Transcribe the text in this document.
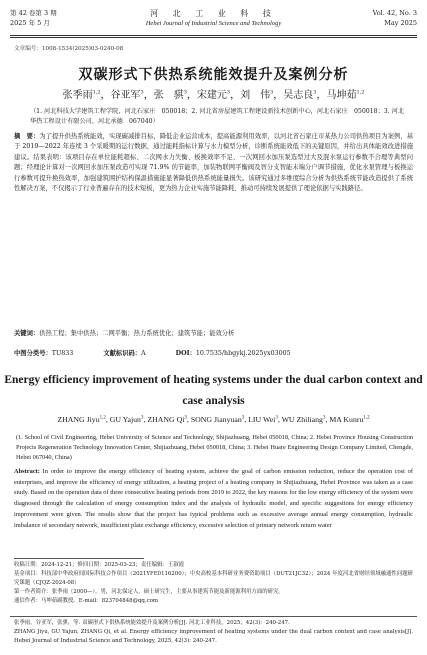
第 42 卷第 3 期
2025 年 5 月
河 北 工 业 科 技
Hebei Journal of Industrial Science and Technology
Vol. 42, No. 3
May 2025
文章编号：1008-1534(2025)03-0240-08
双碳形式下供热系统能效提升及案例分析
张季雨$^{1,2}$，谷亚军$^3$，张　骐$^3$，宋建元$^3$，刘　伟$^3$，吴志良$^3$，马坤茹$^{1,2}$
（1. 河北科技大学建筑工程学院，河北石家庄　050018；2. 河北省房屋建筑工程建设新技术创新中心，河北石家庄　050018；3. 河北华热工程设计有限公司，河北承德　067040）
摘　要：为了提升供热系统能效，实现碳减排目标，降低企业运营成本，提高能源利用效率，以河北省石家庄市某热力公司供热项目为案例，基于 2019—2022 年连续 3 个采暖期的运行数据，通过能耗指标计算与水力模型分析，诊断系统能效低下的关键原因，并给出具体能效改进措施建议。结果表明：该项目存在单位能耗超标、二次网水力失衡、板换效率不足、一次网回水加压泵选型过大及混水泵运行参数不合理等典型问题；经理论计算对一次网回水加压泵改造可实现 71.9% 的节能率，加装物联网平衡阀及智分支智能末端分户调节措施，优化水泵管理与板换运行参数可提升换热效率，加强建筑围护结构保温措施能显著降低供热系统能量损失。该研究通过多维度综合分析为供热系统节能改造提供了系统性解决方案，不仅揭示了行业普遍存在的技术短板，更为热力企业实施节能降耗、推动可持续发展提供了理论依据与实践路径。
关键词：供热工程；集中供热；二网平衡；热力系统优化；建筑节能；能效分析
中图分类号：TU833	文献标识码：A	DOI：10.7535/hbgykj.2025yx03005
Energy efficiency improvement of heating systems under the dual carbon context and case analysis
ZHANG Jiyu$^{1,2}$, GU Yajun$^3$, ZHANG Qi$^3$, SONG Jianyuan$^3$, LIU Wei$^3$, WU Zhiliang$^3$, MA Kunru$^{1,2}$
(1. School of Civil Engineering, Hebei University of Science and Technology, Shijiazhuang, Hebei 050018, China; 2. Hebei Province Housing Construction Projects Regeneration Technology Innovation Center, Shijiazhuang, Hebei 050018, China; 3. Hebei Huare Engineering Design Company Limited, Chengde, Hebei 067040, China)
Abstract: In order to improve the energy efficiency of heating system, achieve the goal of carbon emission reduction, reduce the operation cost of enterprises, and improve the efficiency of energy utilization, a heating project of a heating company in Shijiazhuang, Hebei Province was taken as a case study. Based on the operation data of three consecutive heating periods from 2019 to 2022, the key reasons for the low energy efficiency of the system were diagnosed through the calculation of energy consumption index and the analysis of hydraulic model, and specific suggestions for energy efficiency improvement were given. The results show that the project has typical problems such as excessive average annual energy consumption, hydraulic imbalance of secondary network, insufficient plate exchange efficiency, excessive selection of primary network return water
收稿日期：2024-12-21；修回日期：2025-03-23；责任编辑：王淑霞
基金项目：科技部中华政府间国际科技合作项目（2021YFE0116200）；中央高校基本科研业务费资助项目（DUT21JC32）；2024 年度河北省财经领域融通性问题研究课题（CJQZ-2024-08）
第一作者简介：张季雨（2000—），男，河北保定人，硕士研究生，主要从事建筑节能及新能源利用方面的研究。
通信作者：马坤茹副教授。E-mail：823704848@qq.com
张季雨，谷亚军，张骐，等. 双碳形式下供热系统能效提升及案例分析[J]. 河北工业科技，2025，42(3)：240-247.
ZHANG Jiyu, GU Yajun, ZHANG Qi, et al. Energy efficiency improvement of heating systems under the dual carbon context and case analysis[J]. Hebei Journal of Industrial Science and Technology, 2025, 42(3): 240-247.
